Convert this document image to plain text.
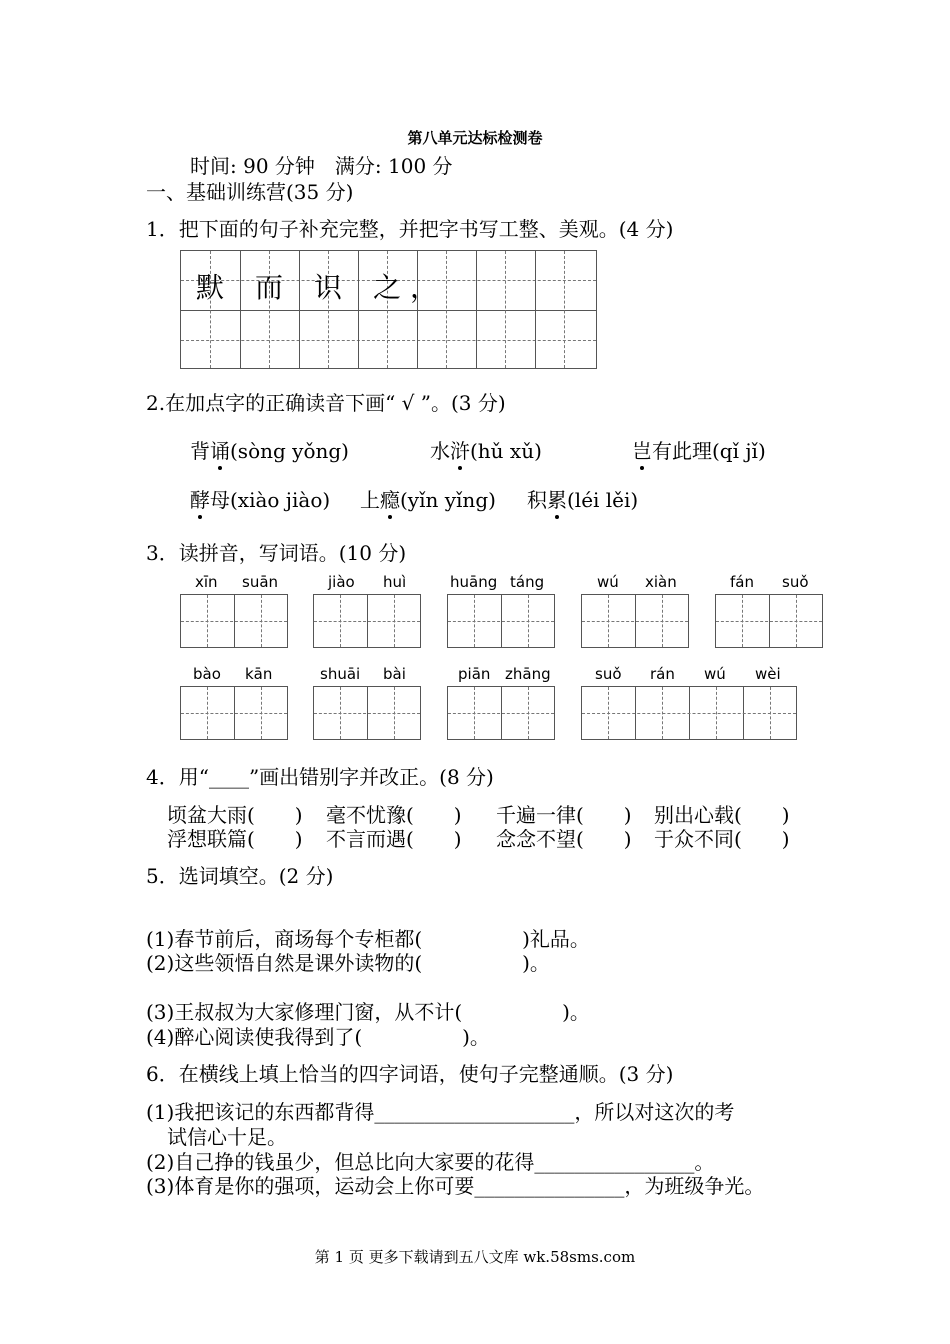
第八单元达标检测卷
时间: 90 分钟　满分: 100 分
一、基础训练营(35 分)
1．把下面的句子补充完整，并把字书写工整、美观。(4 分)
默	而	识	之 ，
2.在加点字的正确读音下画“ √ ”。(3 分)
背诵(sòng yǒng)	水浒(hǔ xǔ)	岂有此理(qǐ jǐ)
酵母(xiào jiào) 上瘾(yǐn yǐng) 积累(léi lěi)
3．读拼音，写词语。(10 分)
xīn suān	jiào huì	huāng táng	wú xiàn	fán suǒ
bào kān	shuāi bài	piān zhāng	suǒ rán wú wèi
4．用“____”画出错别字并改正。(8 分)
顷盆大雨(　　) 毫不忧豫(　　) 千遍一律(　　) 别出心载(　　)
浮想联篇(　　) 不言而遇(　　) 念念不望(　　) 于众不同(　　)
5．选词填空。(2 分)
(1)春节前后，商场每个专柜都(　　　　　)礼品。
(2)这些领悟自然是课外读物的(　　　　　)。
(3)王叔叔为大家修理门窗，从不计(　　　　　)。
(4)醉心阅读使我得到了(　　　　　)。
6．在横线上填上恰当的四字词语，使句子完整通顺。(3 分)
(1)我把该记的东西都背得____________________，所以对这次的考
试信心十足。
(2)自己挣的钱虽少，但总比向大家要的花得________________。
(3)体育是你的强项，运动会上你可要_______________，为班级争光。
第 1 页 更多下载请到五八文库 wk.58sms.com
